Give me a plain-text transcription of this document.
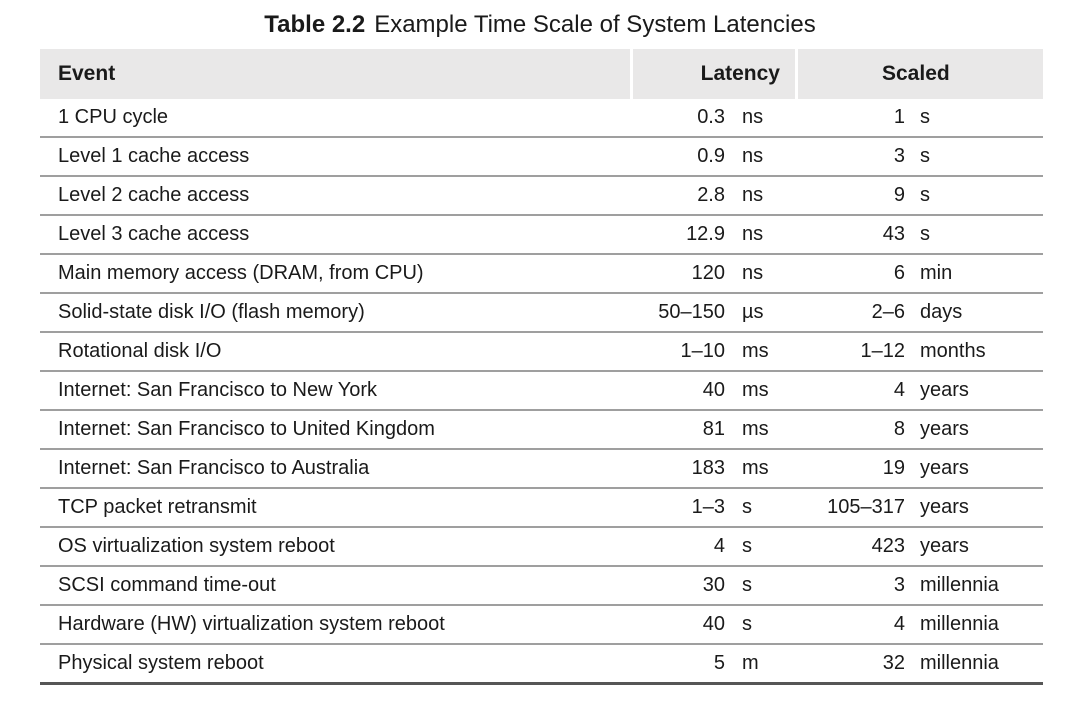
Table 2.2 Example Time Scale of System Latencies
Event	Latency		Scaled	
1 CPU cycle	0.3	ns	1	s
Level 1 cache access	0.9	ns	3	s
Level 2 cache access	2.8	ns	9	s
Level 3 cache access	12.9	ns	43	s
Main memory access (DRAM, from CPU)	120	ns	6	min
Solid-state disk I/O (flash memory)	50–150	µs	2–6	days
Rotational disk I/O	1–10	ms	1–12	months
Internet: San Francisco to New York	40	ms	4	years
Internet: San Francisco to United Kingdom	81	ms	8	years
Internet: San Francisco to Australia	183	ms	19	years
TCP packet retransmit	1–3	s	105–317	years
OS virtualization system reboot	4	s	423	years
SCSI command time-out	30	s	3	millennia
Hardware (HW) virtualization system reboot	40	s	4	millennia
Physical system reboot	5	m	32	millennia
